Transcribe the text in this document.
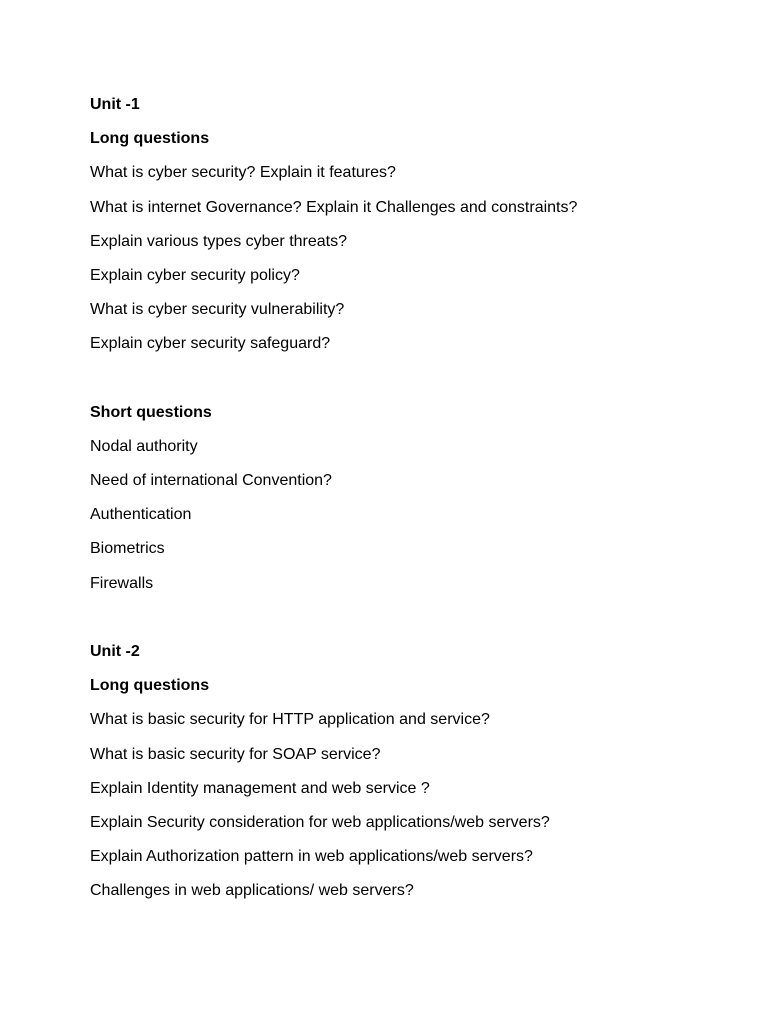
Unit -1
Long questions
What is cyber security? Explain it features?
What is internet Governance? Explain it Challenges and constraints?
Explain various types cyber threats?
Explain cyber security policy?
What is cyber security vulnerability?
Explain cyber security safeguard?
Short questions
Nodal authority
Need of international Convention?
Authentication
Biometrics
Firewalls
Unit -2
Long questions
What is basic security for HTTP application and service?
What is basic security for SOAP service?
Explain Identity management and web service ?
Explain Security consideration for web applications/web servers?
Explain Authorization pattern in web applications/web servers?
Challenges in web applications/ web servers?
